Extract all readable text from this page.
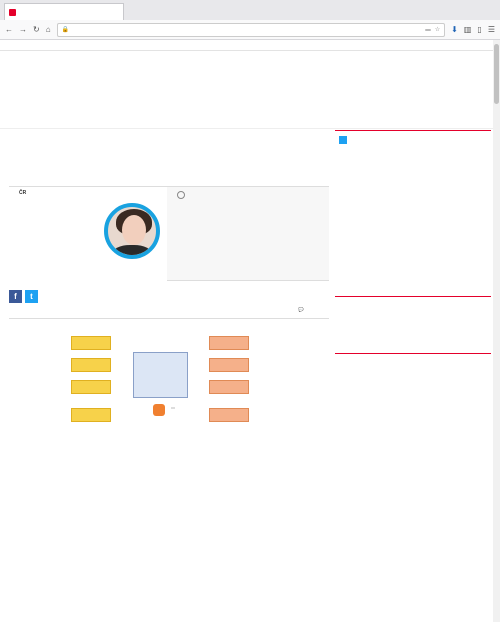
← → ↻ ⌂ 🔒	☆ ⬇ ▥ ▯ ☰
ČR
f	t
💬
